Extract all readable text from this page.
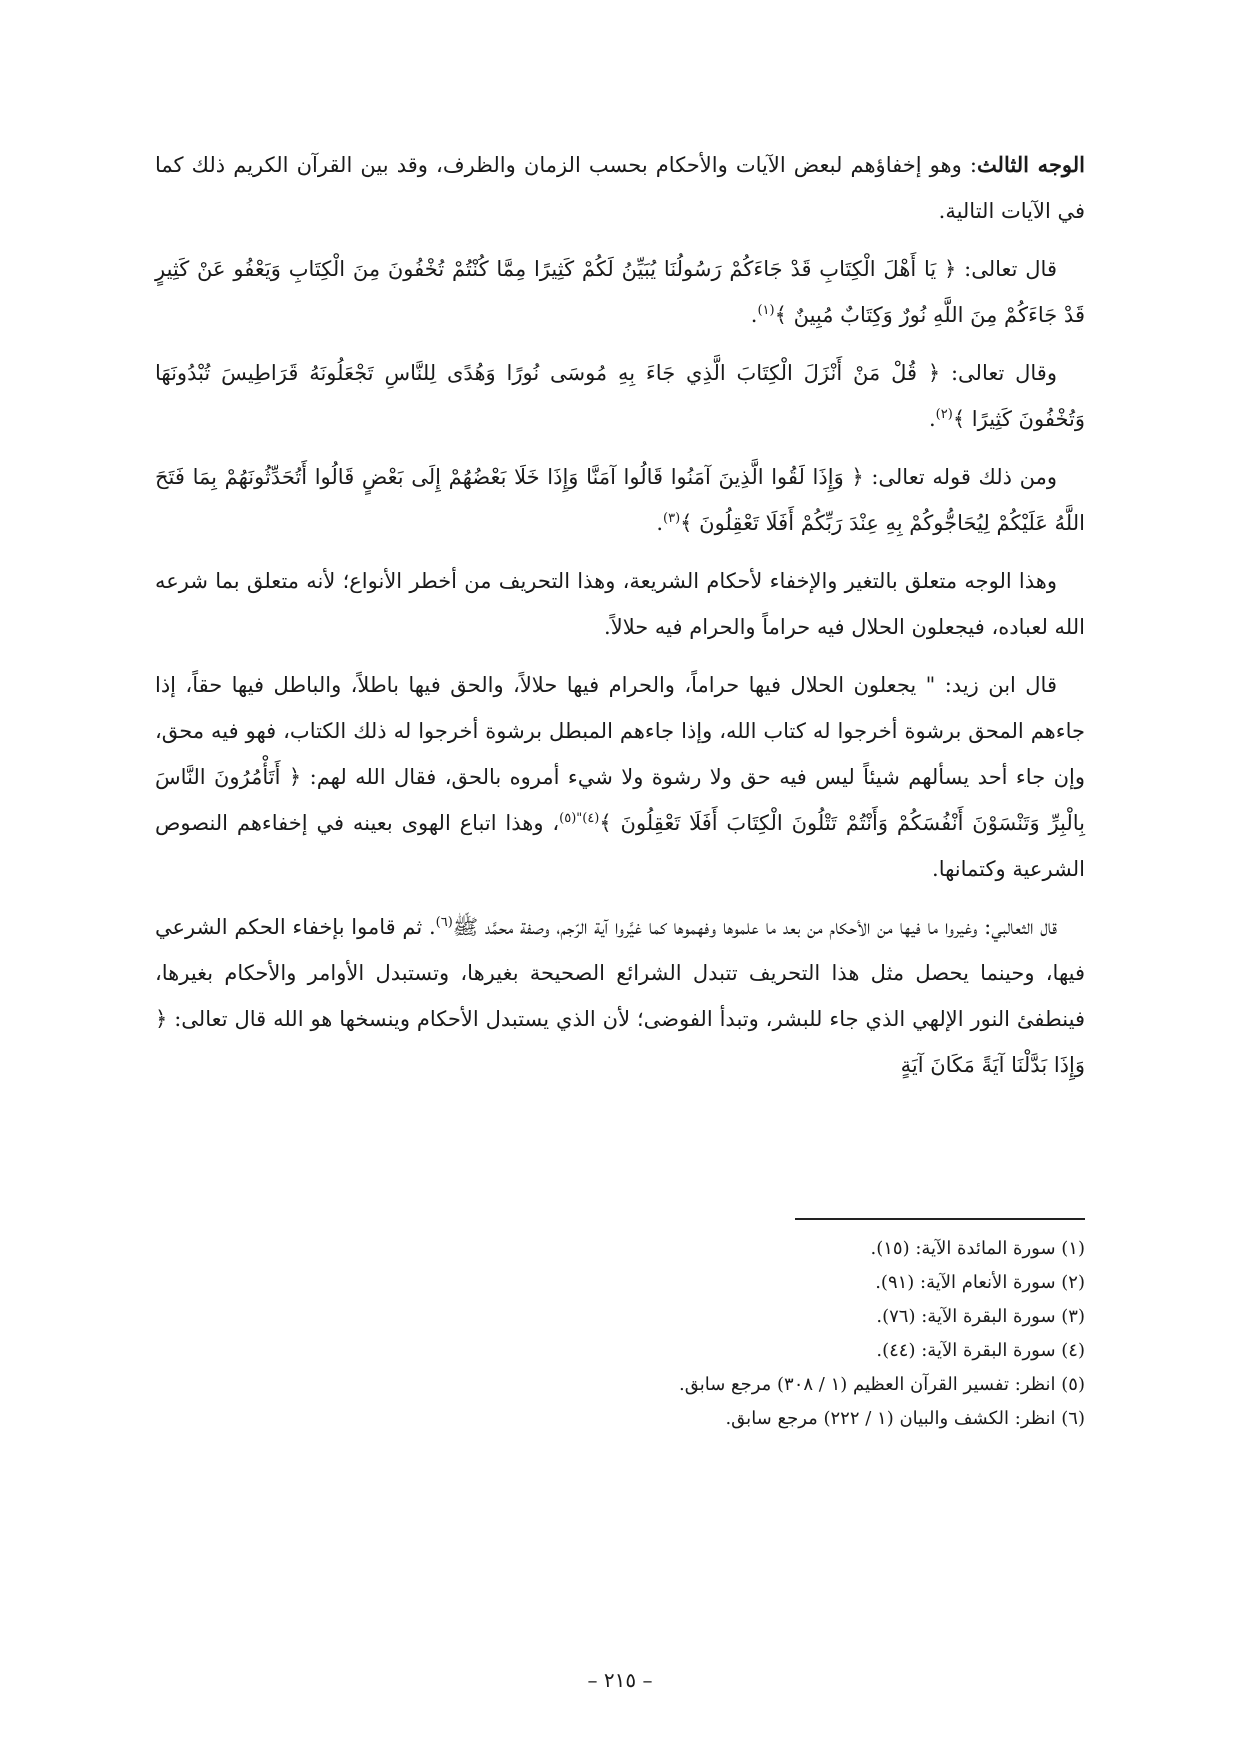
الوجه الثالث: وهو إخفاؤهم لبعض الآيات والأحكام بحسب الزمان والظرف، وقد بين القرآن الكريم ذلك كما في الآيات التالية.

قال تعالى: ﴿ يَا أَهْلَ الْكِتَابِ قَدْ جَاءَكُمْ رَسُولُنَا يُبَيِّنُ لَكُمْ كَثِيرًا مِمَّا كُنْتُمْ تُخْفُونَ مِنَ الْكِتَابِ وَيَعْفُو عَنْ كَثِيرٍ قَدْ جَاءَكُمْ مِنَ اللَّهِ نُورٌ وَكِتَابٌ مُبِينٌ ﴾$^{(١)}$.

وقال تعالى: ﴿ قُلْ مَنْ أَنْزَلَ الْكِتَابَ الَّذِي جَاءَ بِهِ مُوسَى نُورًا وَهُدًى لِلنَّاسِ تَجْعَلُونَهُ قَرَاطِيسَ تُبْدُونَهَا وَتُخْفُونَ كَثِيرًا ﴾$^{(٢)}$.

ومن ذلك قوله تعالى: ﴿ وَإِذَا لَقُوا الَّذِينَ آمَنُوا قَالُوا آمَنَّا وَإِذَا خَلَا بَعْضُهُمْ إِلَى بَعْضٍ قَالُوا أَتُحَدِّثُونَهُمْ بِمَا فَتَحَ اللَّهُ عَلَيْكُمْ لِيُحَاجُّوكُمْ بِهِ عِنْدَ رَبِّكُمْ أَفَلَا تَعْقِلُونَ ﴾$^{(٣)}$.

وهذا الوجه متعلق بالتغير والإخفاء لأحكام الشريعة، وهذا التحريف من أخطر الأنواع؛ لأنه متعلق بما شرعه الله لعباده، فيجعلون الحلال فيه حراماً والحرام فيه حلالاً.

قال ابن زيد: " يجعلون الحلال فيها حراماً، والحرام فيها حلالاً، والحق فيها باطلاً، والباطل فيها حقاً، إذا جاءهم المحق برشوة أخرجوا له كتاب الله، وإذا جاءهم المبطل برشوة أخرجوا له ذلك الكتاب، فهو فيه محق، وإن جاء أحد يسألهم شيئاً ليس فيه حق ولا رشوة ولا شيء أمروه بالحق، فقال الله لهم: ﴿ أَتَأْمُرُونَ النَّاسَ بِالْبِرِّ وَتَنْسَوْنَ أَنْفُسَكُمْ وَأَنْتُمْ تَتْلُونَ الْكِتَابَ أَفَلَا تَعْقِلُونَ ﴾$^{(٤)"(٥)}$، وهذا اتباع الهوى بعينه في إخفاءهم النصوص الشرعية وكتمانها.

قال الثعالبي: وغيروا ما فيها من الأحكام من بعد ما علموها وفهموها كما غيَّروا آية الرّجم، وصفة محمَّد ﷺ$^{(٦)}$. ثم قاموا بإخفاء الحكم الشرعي فيها، وحينما يحصل مثل هذا التحريف تتبدل الشرائع الصحيحة بغيرها، وتستبدل الأوامر والأحكام بغيرها، فينطفئ النور الإلهي الذي جاء للبشر، وتبدأ الفوضى؛ لأن الذي يستبدل الأحكام وينسخها هو الله قال تعالى: ﴿ وَإِذَا بَدَّلْنَا آيَةً مَكَانَ آيَةٍ

(١) سورة المائدة الآية: (١٥).
(٢) سورة الأنعام الآية: (٩١).
(٣) سورة البقرة الآية: (٧٦).
(٤) سورة البقرة الآية: (٤٤).
(٥) انظر: تفسير القرآن العظيم (١ / ٣٠٨) مرجع سابق.
(٦) انظر: الكشف والبيان (١ / ٢٢٢) مرجع سابق.
– ٢١٥ –
